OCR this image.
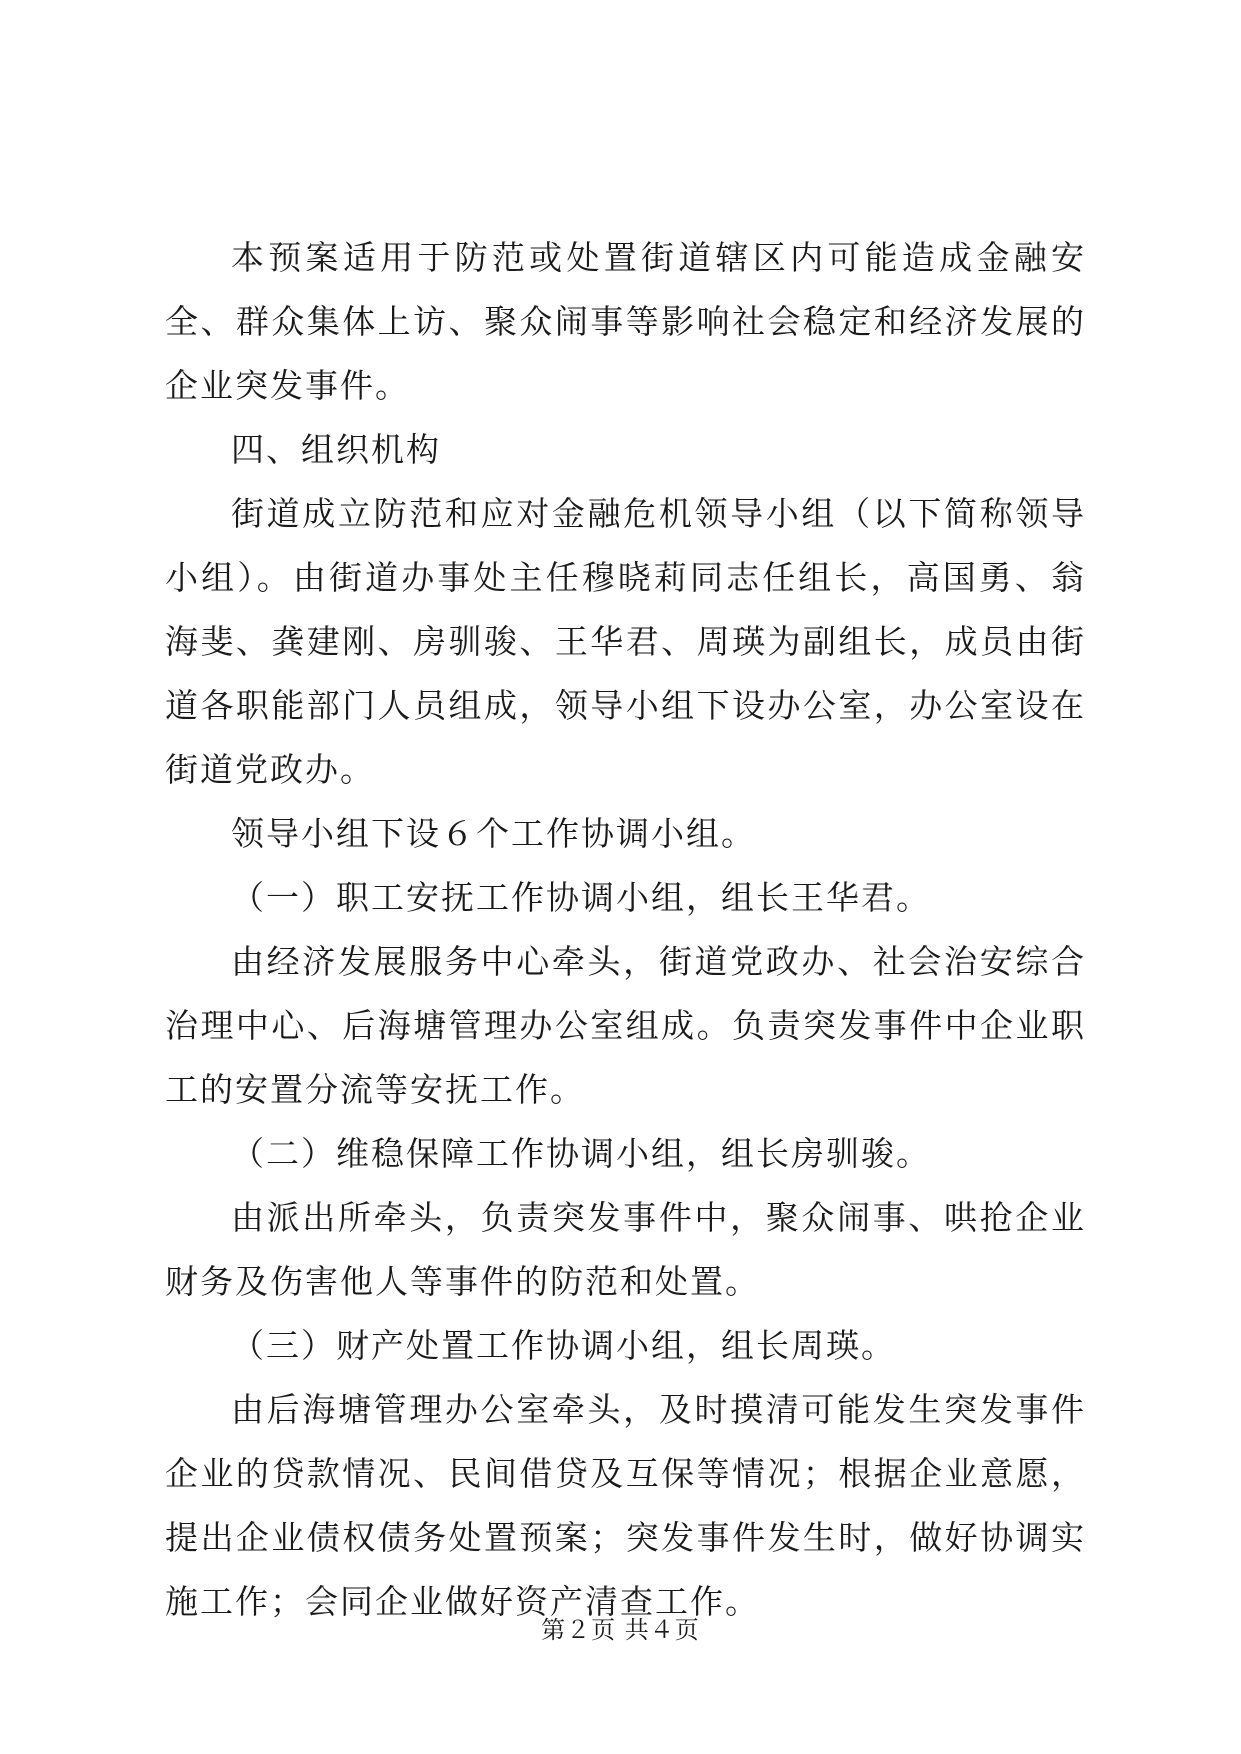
本预案适用于防范或处置街道辖区内可能造成金融安全、群众集体上访、聚众闹事等影响社会稳定和经济发展的企业突发事件。

四、组织机构

街道成立防范和应对金融危机领导小组（以下简称领导小组）。由街道办事处主任穆晓莉同志任组长，高国勇、翁海斐、龚建刚、房驯骏、王华君、周瑛为副组长，成员由街道各职能部门人员组成，领导小组下设办公室，办公室设在街道党政办。

领导小组下设６个工作协调小组。

（一）职工安抚工作协调小组，组长王华君。

由经济发展服务中心牵头，街道党政办、社会治安综合治理中心、后海塘管理办公室组成。负责突发事件中企业职工的安置分流等安抚工作。

（二）维稳保障工作协调小组，组长房驯骏。

由派出所牵头，负责突发事件中，聚众闹事、哄抢企业财务及伤害他人等事件的防范和处置。

（三）财产处置工作协调小组，组长周瑛。

由后海塘管理办公室牵头，及时摸清可能发生突发事件企业的贷款情况、民间借贷及互保等情况；根据企业意愿，提出企业债权债务处置预案；突发事件发生时，做好协调实施工作；会同企业做好资产清查工作。

第２页 共４页
